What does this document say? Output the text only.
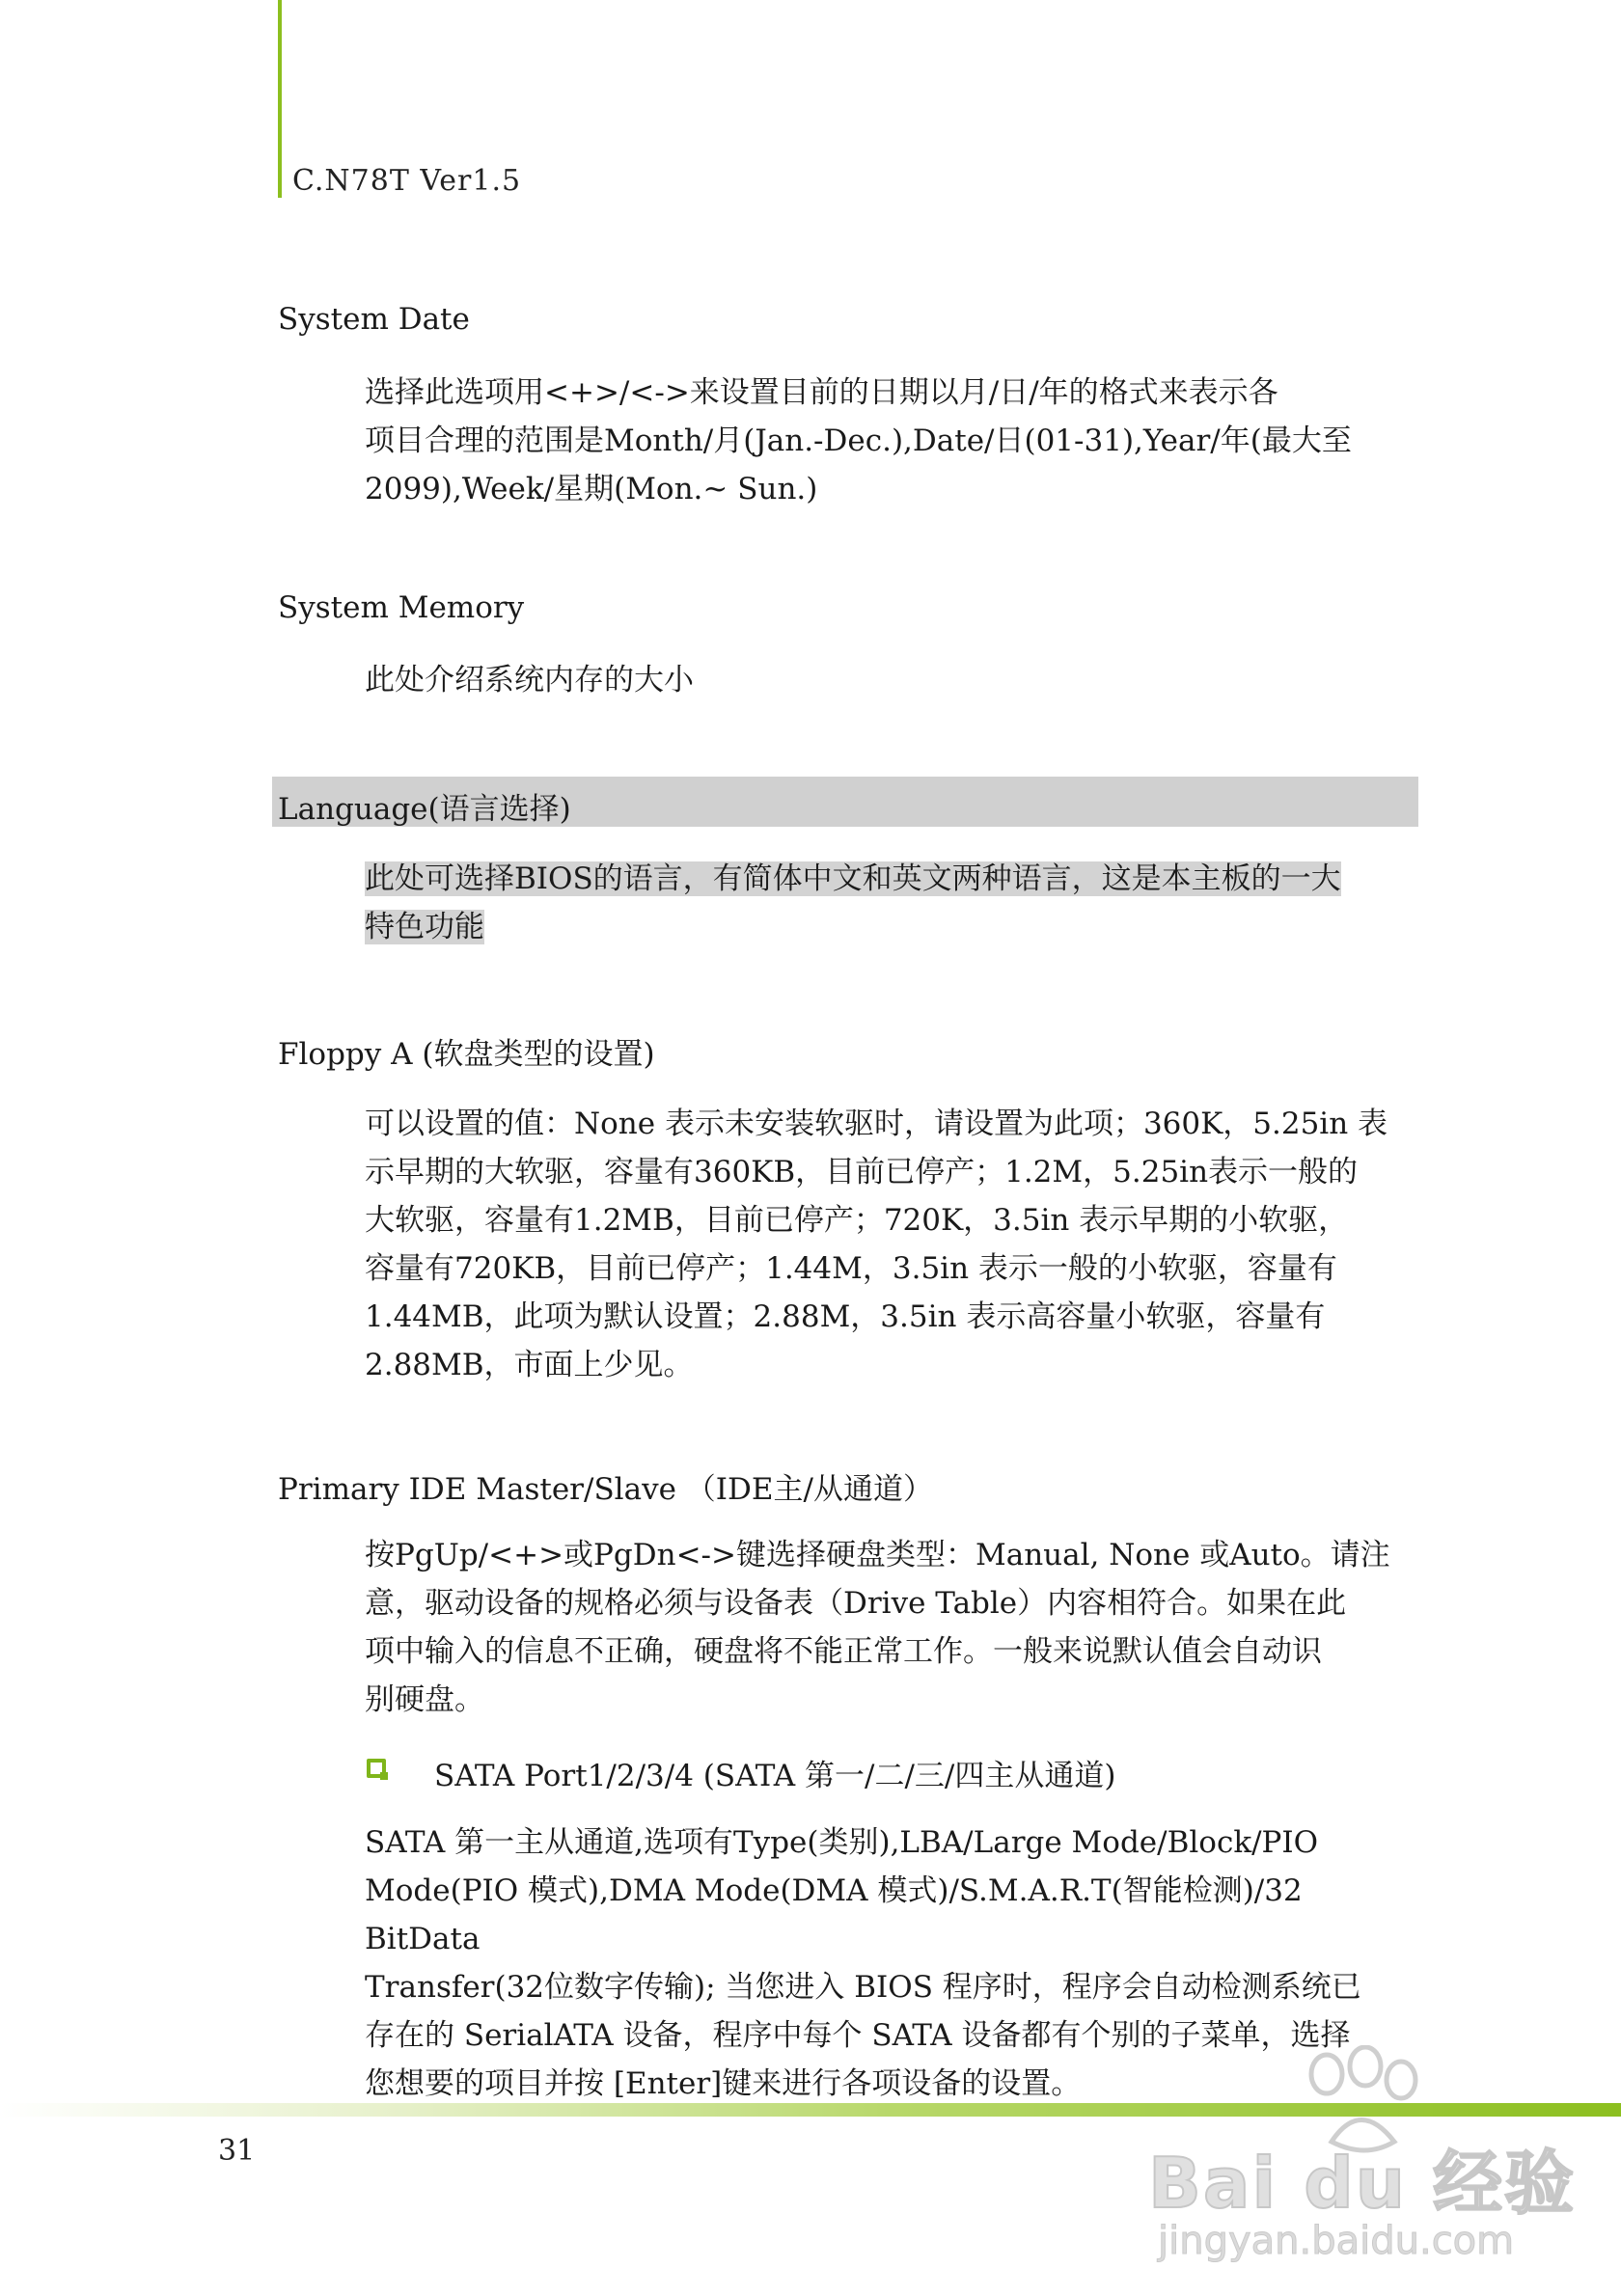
C.N78T Ver1.5
System Date
选择此选项用<+>/<->来设置目前的日期以月/日/年的格式来表示各
项目合理的范围是Month/月(Jan.-Dec.),Date/日(01-31),Year/年(最大至
2099),Week/星期(Mon.~ Sun.)
System Memory
此处介绍系统内存的大小
Language(语言选择)
此处可选择BIOS的语言，有简体中文和英文两种语言，这是本主板的一大
特色功能
Floppy A (软盘类型的设置)
可以设置的值：None 表示未安装软驱时，请设置为此项；360K，5.25in 表
示早期的大软驱，容量有360KB，目前已停产；1.2M，5.25in表示一般的
大软驱，容量有1.2MB，目前已停产；720K，3.5in 表示早期的小软驱，
容量有720KB，目前已停产；1.44M，3.5in 表示一般的小软驱，容量有
1.44MB，此项为默认设置；2.88M，3.5in 表示高容量小软驱，容量有
2.88MB，市面上少见。
Primary IDE Master/Slave （IDE主/从通道）
按PgUp/<+>或PgDn<->键选择硬盘类型：Manual, None 或Auto。请注
意，驱动设备的规格必须与设备表（Drive Table）内容相符合。如果在此
项中输入的信息不正确，硬盘将不能正常工作。一般来说默认值会自动识
别硬盘。
SATA Port1/2/3/4 (SATA 第一/二/三/四主从通道)
SATA 第一主从通道,选项有Type(类别),LBA/Large Mode/Block/PIO
Mode(PIO 模式),DMA Mode(DMA 模式)/S.M.A.R.T(智能检测)/32 BitData
Transfer(32位数字传输); 当您进入 BIOS 程序时，程序会自动检测系统已
存在的 SerialATA 设备，程序中每个 SATA 设备都有个别的子菜单，选择
您想要的项目并按 [Enter]键来进行各项设备的设置。
31	Bai du 经验
jingyan.baidu.com
